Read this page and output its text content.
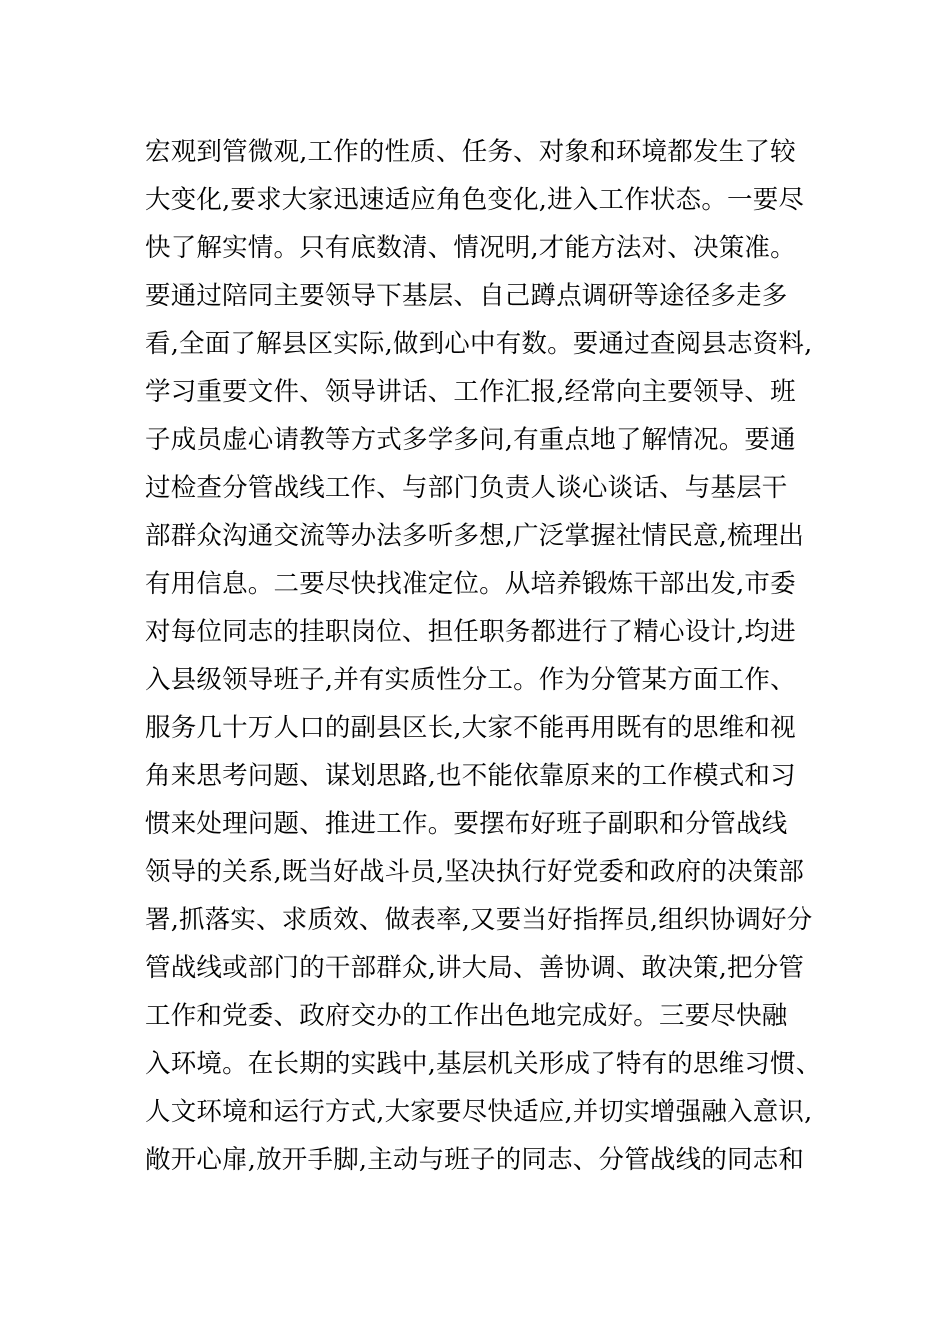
宏观到管微观,工作的性质、任务、对象和环境都发生了较
大变化,要求大家迅速适应角色变化,进入工作状态。一要尽
快了解实情。只有底数清、情况明,才能方法对、决策准。
要通过陪同主要领导下基层、自己蹲点调研等途径多走多
看,全面了解县区实际,做到心中有数。要通过查阅县志资料,
学习重要文件、领导讲话、工作汇报,经常向主要领导、班
子成员虚心请教等方式多学多问,有重点地了解情况。要通
过检查分管战线工作、与部门负责人谈心谈话、与基层干
部群众沟通交流等办法多听多想,广泛掌握社情民意,梳理出
有用信息。二要尽快找准定位。从培养锻炼干部出发,市委
对每位同志的挂职岗位、担任职务都进行了精心设计,均进
入县级领导班子,并有实质性分工。作为分管某方面工作、
服务几十万人口的副县区长,大家不能再用既有的思维和视
角来思考问题、谋划思路,也不能依靠原来的工作模式和习
惯来处理问题、推进工作。要摆布好班子副职和分管战线
领导的关系,既当好战斗员,坚决执行好党委和政府的决策部
署,抓落实、求质效、做表率,又要当好指挥员,组织协调好分
管战线或部门的干部群众,讲大局、善协调、敢决策,把分管
工作和党委、政府交办的工作出色地完成好。三要尽快融
入环境。在长期的实践中,基层机关形成了特有的思维习惯、
人文环境和运行方式,大家要尽快适应,并切实增强融入意识,
敞开心扉,放开手脚,主动与班子的同志、分管战线的同志和
